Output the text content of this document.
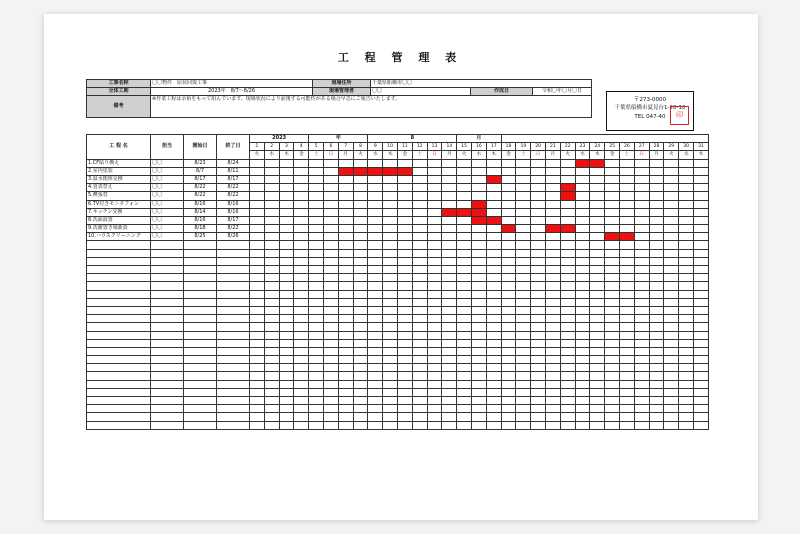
工 程 管 理 表
工事名称	〇〇物件　原状回復工事	現場住所	千葉県船橋市〇〇		
全体工期	2023年　8/7〜8/26	現場管理者	〇〇	作成日	令和〇年〇月〇日
備考	※作業工程は余裕をもって組んでいます。現場状況により前後する可能性がある場合早急にご報告いたします。					〒273-0000
千葉県船橋市夏見台1-20-10
TEL 047-40	印
工 程 名	担当	開始日	終了日	2023				年				8						月																
				1	2	3	4	5	6	7	8	9	10	11	12	13	14	15	16	17	18	19	20	21	22	23	24	25	26	27	28	29	30	31
				火	水	木	金	土	日	月	火	水	木	金	土	日	月	火	水	木	金	土	日	月	火	水	木	金	土	日	月	火	水	木
1.CF貼り換え	〇〇	8/23	8/24																															
2.室内塗装	〇〇	8/7	8/11																															
3.温水便座交換	〇〇	8/17	8/17																															
4.畳表替え	〇〇	8/22	8/22																															
5.襖張替	〇〇	8/22	8/22																															
6.TV付きモニタフォン	〇〇	8/16	8/16																															
7.キッチン交換	〇〇	8/14	8/16																															
8.洗面設置	〇〇	8/16	8/17																															
9.洗濯置き場新設	〇〇	8/18	8/22																															
10.ハウスクリーニング	〇〇	8/25	8/26																															
